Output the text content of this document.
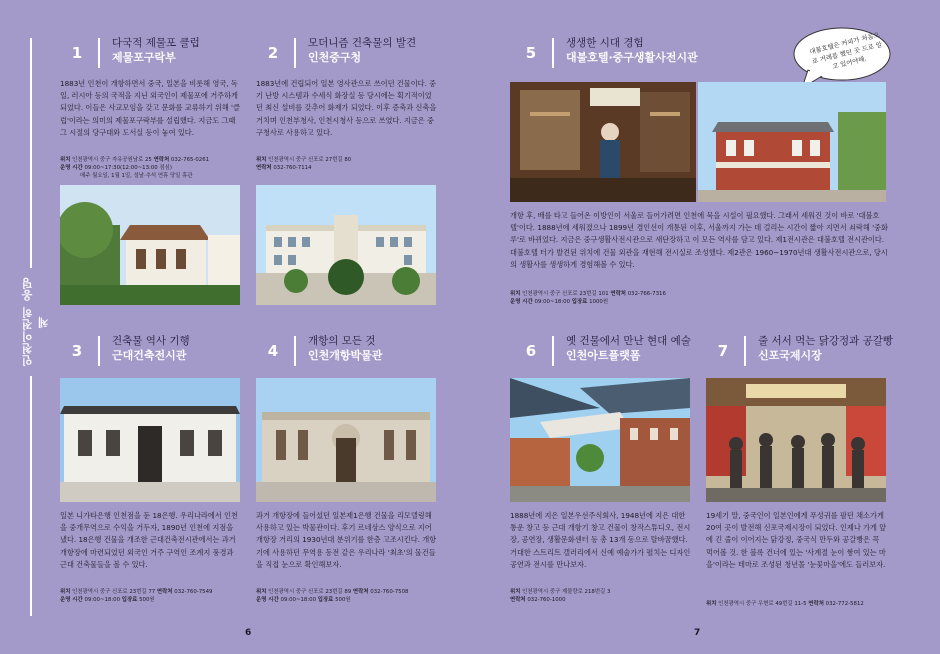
인천이전히 옹덩체
1
다국적 제물포 클럽
제물포구락부
1883년 인천이 개항하면서 중국, 일본을 비롯해 영국, 독일, 러시아 등의 국적을 지닌 외국인이 제물포에 거주하게 되었다. 이들은 사교모임을 갖고 문화를 교류하기 위해 '클럽'이라는 의미의 제물포구락부를 설립했다. 지금도 그때 그 시절의 당구대와 도서실 등이 놓여 있다.
위치 인천광역시 중구 자유공원남로 25 연락처 032-765-0261
운영 시간 09:00~17:30(12:00~13:00 점심)
매주 월요일, 1월 1일, 설날·추석 연휴 당일 휴관
2
모더니즘 건축물의 발견
인천중구청
1883년에 건립되어 일본 영사관으로 쓰이던 건물이다. 중기 난방 시스템과 수세식 화장실 등 당시에는 획기적이었던 최신 설비를 갖추어 화제가 되었다. 이후 증축과 신축을 거치며 인천부청사, 인천시청사 등으로 쓰였다. 지금은 중구청사로 사용하고 있다.
위치 인천광역시 중구 신포로 27번길 80
연락처 032-760-7114
3
건축물 역사 기행
근대건축전시관
일본 니가타은행 인천점을 둔 18은행. 우리나라에서 인천을 중개무역으로 수익을 거두자, 1890년 인천에 지점을 냈다. 18은행 건물을 개조한 근대건축전시관에서는 과거 개항장에 마련되었던 외국인 거주 구역인 조계지 풍경과 근대 건축물들을 볼 수 있다.
위치 인천광역시 중구 신포로 23번길 77 연락처 032-760-7549
운영 시간 09:00~18:00 입장료 500원
4
개항의 모든 것
인천개항박물관
과거 개항장에 들어섰던 일본제1은행 건물을 리모델링해 사용하고 있는 박물관이다. 후기 르네상스 양식으로 지어 개항장 거리의 1930년대 분위기를 한층 고조시킨다. 개항기에 사용하던 무역용 동전 같은 우리나라 '최초'의 물건들을 직접 눈으로 확인해보자.
위치 인천광역시 중구 신포로 23번길 89 연락처 032-760-7508
운영 시간 09:00~18:00 입장료 500원
6
5
생생한 시대 경험
대불호텔·중구생활사전시관
대불호텔은 커피가 처음으로 거래를 했던 곳 드로 알고 있어야해.
개항 후, 배를 타고 들어온 이방인이 서울로 들어가려면 인천에 묵을 시설이 필요했다. 그래서 세워진 것이 바로 '대불호텔'이다. 1888년에 세워졌으나 1899년 경인선이 개통된 이후, 서울까지 가는 데 걸리는 시간이 짧아 지면서 쇠락해 '중화루'로 바뀌었다. 지금은 중구생활사전시관으로 새단장하고 이 모든 역사를 담고 있다. 제1전시관은 대불호텔 전시관이다. 대불호텔 터가 발견된 위치에 건물 외관을 재현해 전시실로 조성했다. 제2관은 1960~1970년대 생활사전시관으로, 당시의 생활사를 생생하게 경험해볼 수 있다.
위치 인천광역시 중구 신포로 23번길 101 연락처 032-766-7316
운영 시간 09:00~18:00 입장료 1000원
6
옛 건물에서 만난 현대 예술
인천아트플랫폼
1888년에 지은 일본우선주식회사, 1948년에 지은 대한통운 창고 등 근대 개항기 창고 건물이 창작스튜디오, 전시장, 공연장, 생활문화센터 등 총 13개 동으로 탈바꿈했다. 거대한 스트리트 갤러리에서 신예 예술가가 펼치는 디자인 공연과 전시를 만나보자.
위치 인천광역시 중구 제물량로 218번길 3
연락처 032-760-1000
7
줄 서서 먹는 닭강정과 공갈빵
신포국제시장
19세기 말, 중국인이 일본인에게 푸성귀를 팔던 채소가게 20여 곳이 발전해 신포국제시장이 되었다. 인제나 가게 앞에 긴 줄이 이어지는 닭강정, 중국식 만두와 공갈빵은 꼭 먹어볼 것. 한 블록 건너에 있는 '사계절 눈이 쌓여 있는 마을'이라는 테마로 조성된 청년몰 '눈꽃마을'에도 들러보자.
위치 인천광역시 중구 우현로 49번길 11-5 연락처 032-772-5812
7
